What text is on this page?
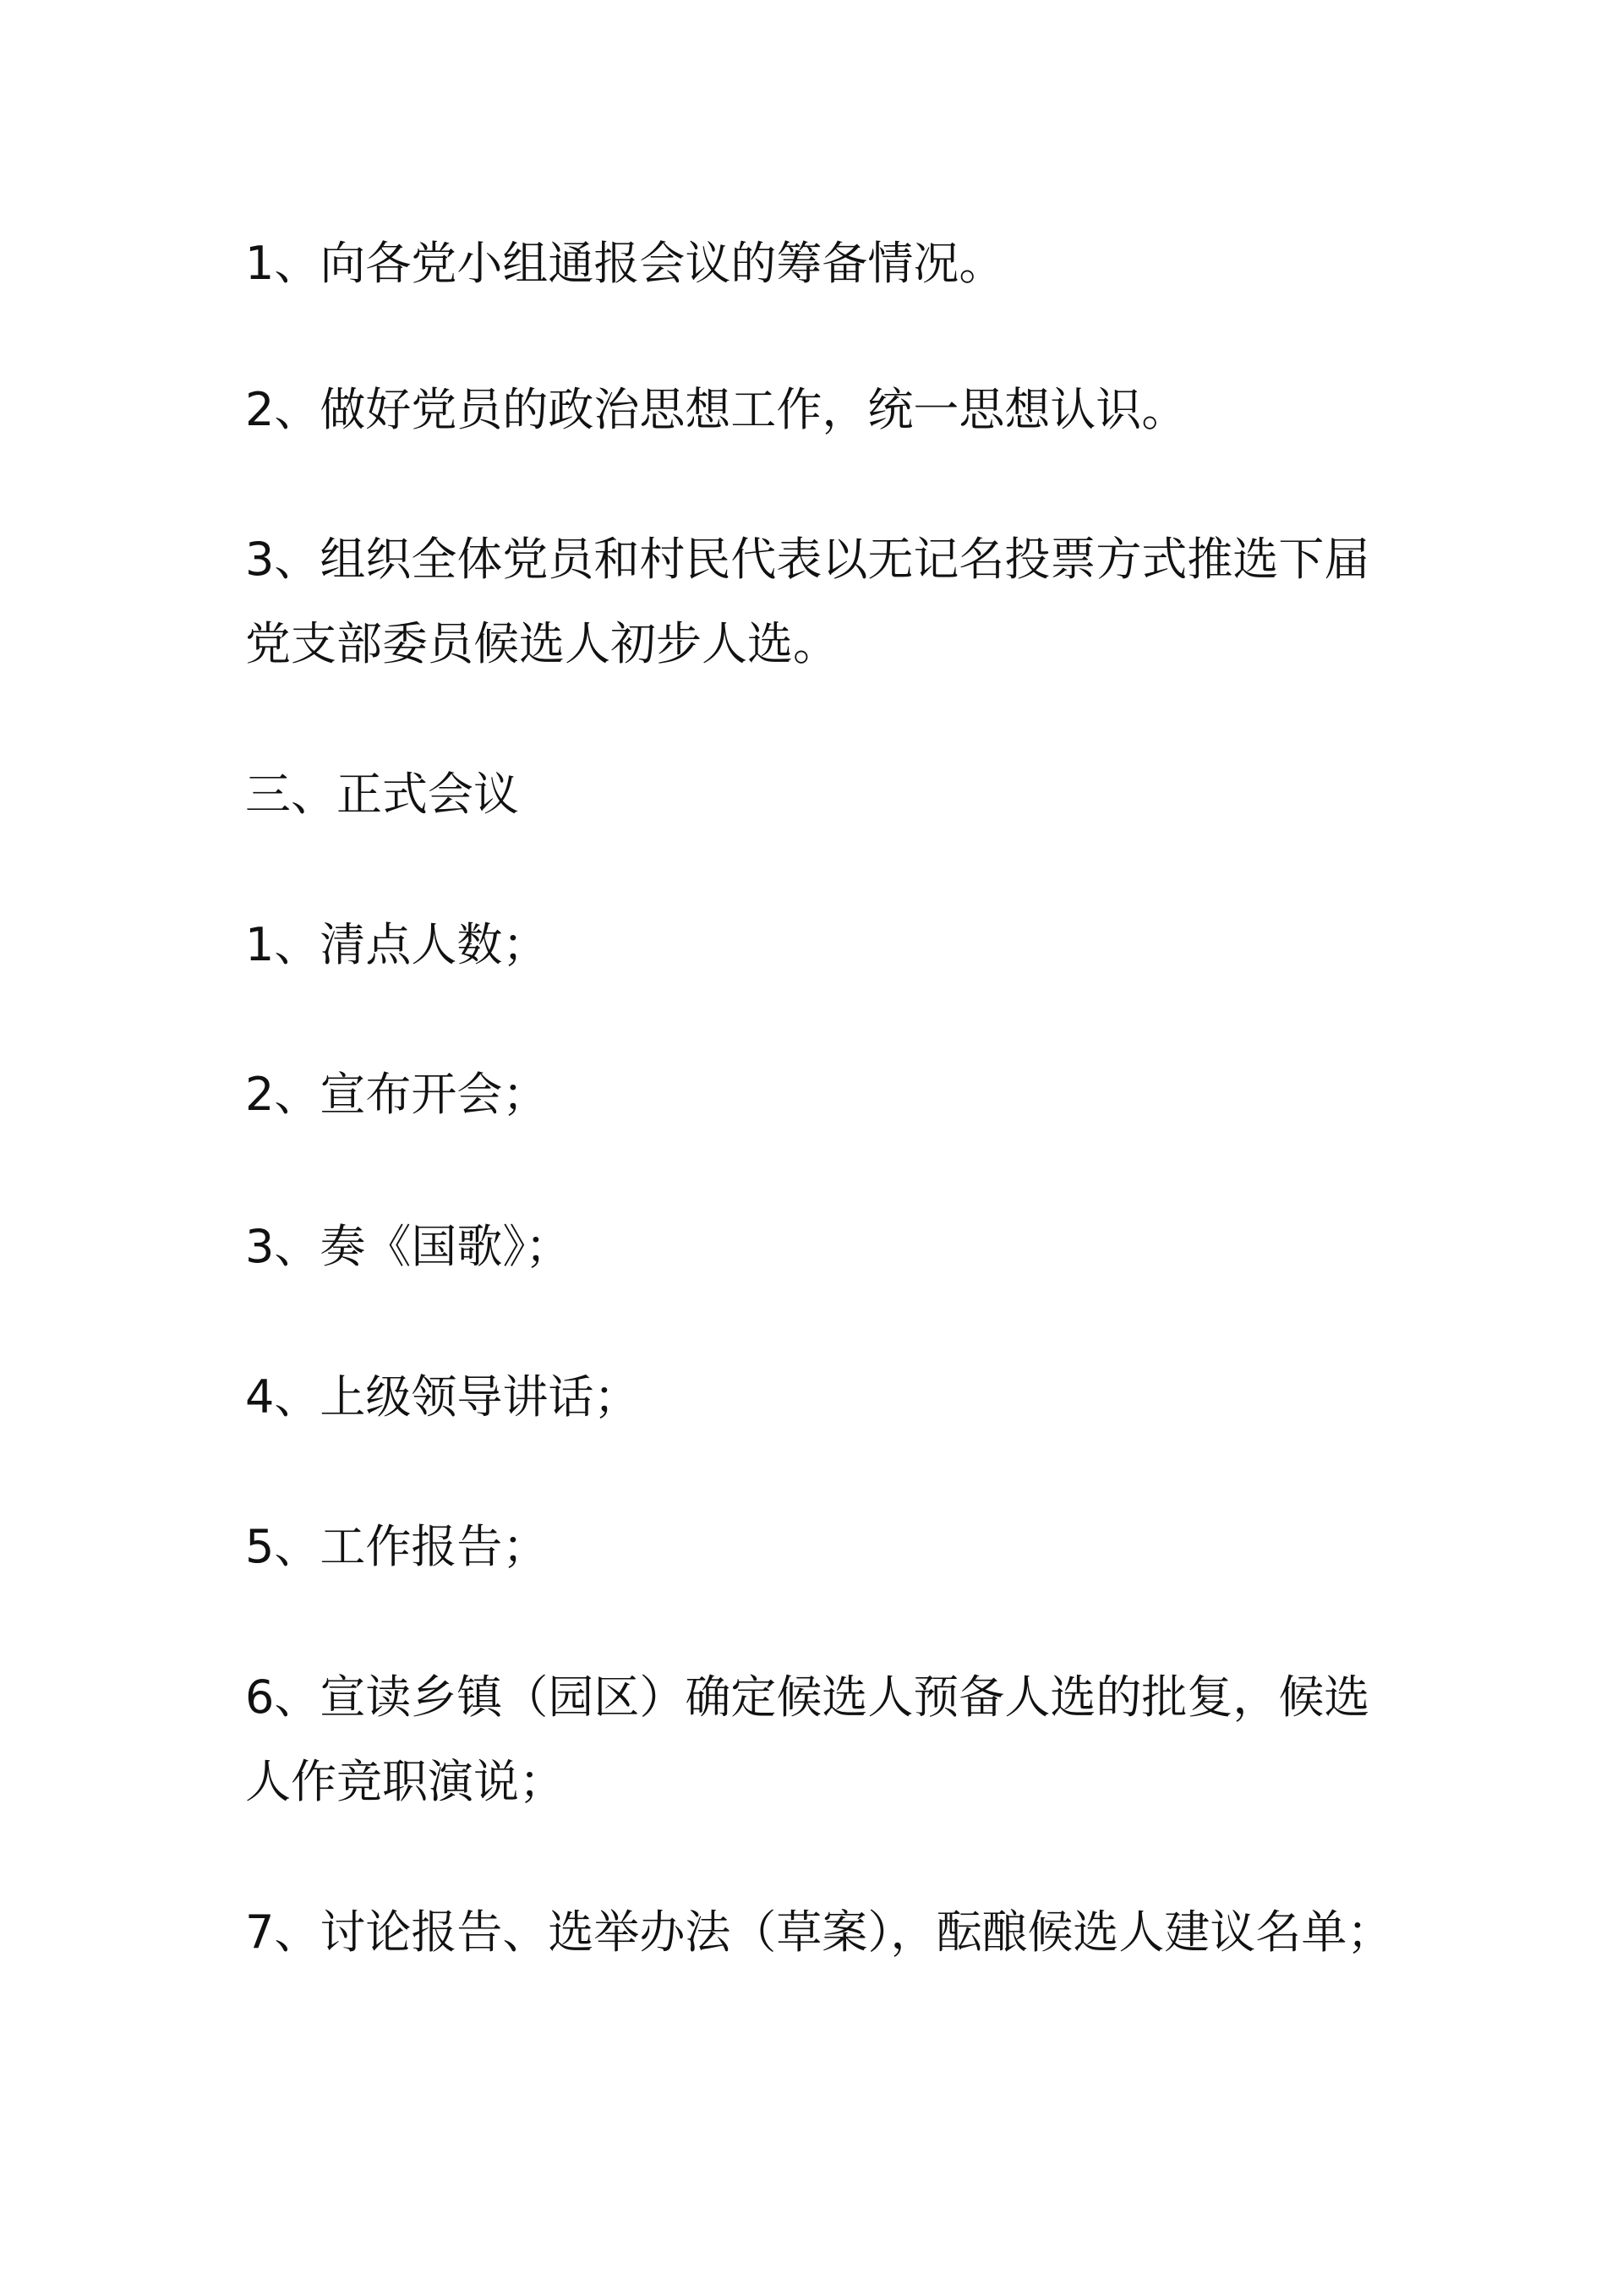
1、向各党小组通报会议的筹备情况。

2、做好党员的政治思想工作，统一思想认识。

3、组织全体党员和村民代表以无记名投票方式推选下届党支部委员候选人初步人选。

三、正式会议

1、清点人数；

2、宣布开会；

3、奏《国歌》；

4、上级领导讲话；

5、工作报告；

6、宣读乡镇（园区）确定候选人预备人选的批复，候选人作竞职演说；

7、讨论报告、选举办法（草案），酝酿候选人建议名单；
